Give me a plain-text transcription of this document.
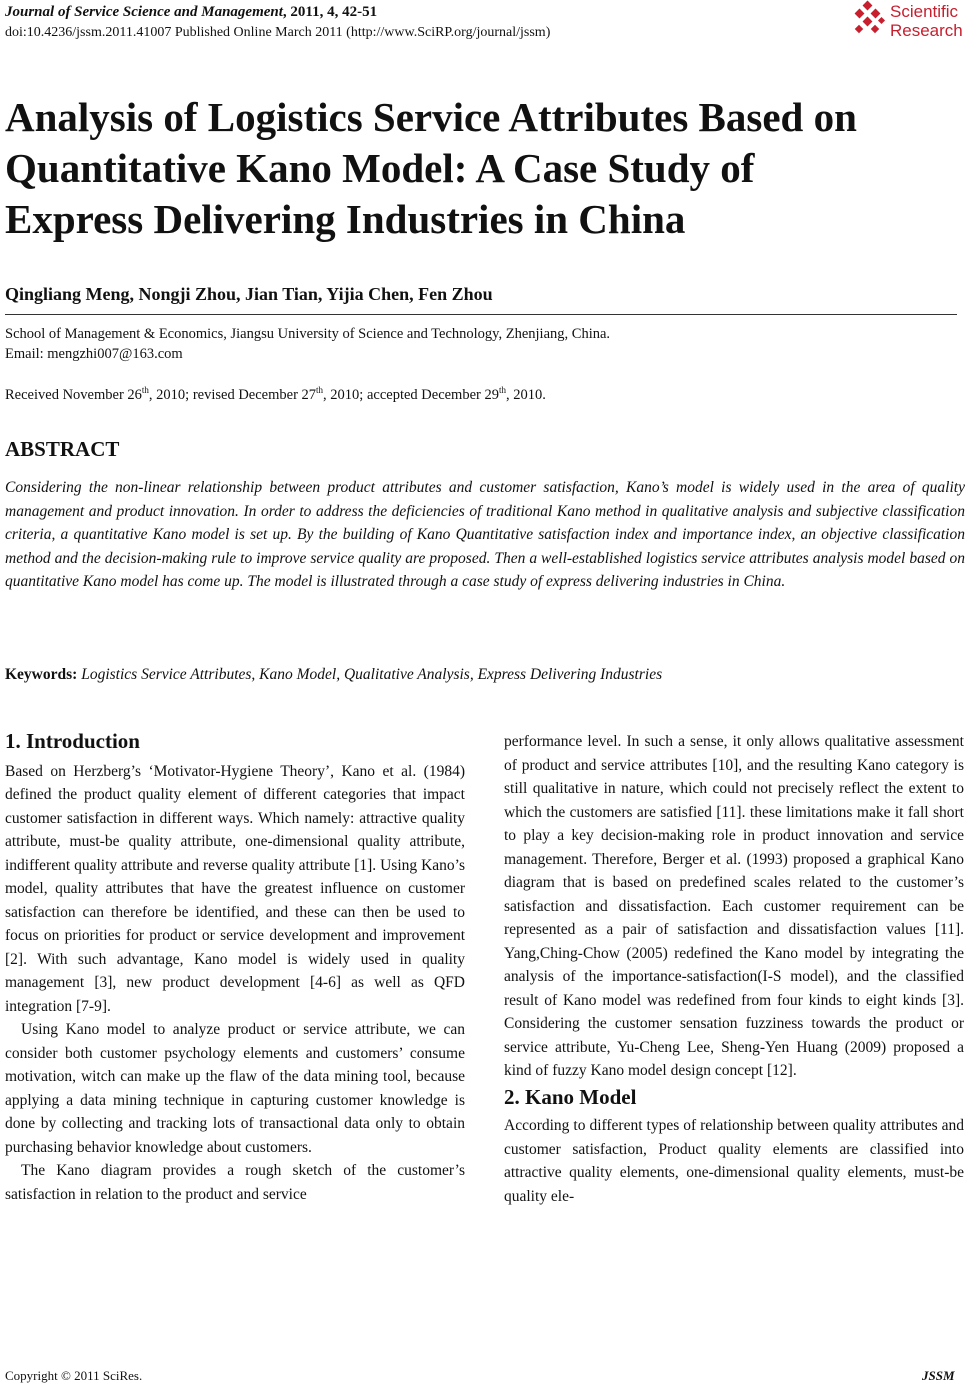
Journal of Service Science and Management, 2011, 4, 42-51
doi:10.4236/jssm.2011.41007 Published Online March 2011 (http://www.SciRP.org/journal/jssm)
Scientific
Research
Analysis of Logistics Service Attributes Based on
Quantitative Kano Model: A Case Study of
Express Delivering Industries in China
Qingliang Meng, Nongji Zhou, Jian Tian, Yijia Chen, Fen Zhou
School of Management & Economics, Jiangsu University of Science and Technology, Zhenjiang, China.
Email: mengzhi007@163.com
Received November 26th, 2010; revised December 27th, 2010; accepted December 29th, 2010.
ABSTRACT
Considering the non-linear relationship between product attributes and customer satisfaction, Kano’s model is widely used in the area of quality management and product innovation. In order to address the deficiencies of traditional Kano method in qualitative analysis and subjective classification criteria, a quantitative Kano model is set up. By the building of Kano Quantitative satisfaction index and importance index, an objective classification method and the decision-making rule to improve service quality are proposed. Then a well-established logistics service attributes analysis model based on quantitative Kano model has come up. The model is illustrated through a case study of express delivering industries in China.
Keywords: Logistics Service Attributes, Kano Model, Qualitative Analysis, Express Delivering Industries
1. Introduction

Based on Herzberg’s ‘Motivator-Hygiene Theory’, Kano et al. (1984) defined the product quality element of different categories that impact customer satisfaction in different ways. Which namely: attractive quality attribute, must-be quality attribute, one-dimensional quality attribute, indifferent quality attribute and reverse quality attribute [1]. Using Kano’s model, quality attributes that have the greatest influence on customer satisfaction can therefore be identified, and these can then be used to focus on priorities for product or service development and improvement [2]. With such advantage, Kano model is widely used in quality management [3], new product development [4-6] as well as QFD integration [7-9].

Using Kano model to analyze product or service attribute, we can consider both customer psychology elements and customers’ consume motivation, witch can make up the flaw of the data mining tool, because applying a data mining technique in capturing customer knowledge is done by collecting and tracking lots of transactional data only to obtain purchasing behavior knowledge about customers.

The Kano diagram provides a rough sketch of the customer’s satisfaction in relation to the product and service

performance level. In such a sense, it only allows qualitative assessment of product and service attributes [10], and the resulting Kano category is still qualitative in nature, which could not precisely reflect the extent to which the customers are satisfied [11]. these limitations make it fall short to play a key decision-making role in product innovation and service management. Therefore, Berger et al. (1993) proposed a graphical Kano diagram that is based on predefined scales related to the customer’s satisfaction and dissatisfaction. Each customer requirement can be represented as a pair of satisfaction and dissatisfaction values [11]. Yang,Ching-Chow (2005) redefined the Kano model by integrating the analysis of the importance-satisfaction(I-S model), and the classified result of Kano model was redefined from four kinds to eight kinds [3]. Considering the customer sensation fuzziness towards the product or service attribute, Yu-Cheng Lee, Sheng-Yen Huang (2009) proposed a kind of fuzzy Kano model design concept [12].

2. Kano Model

According to different types of relationship between quality attributes and customer satisfaction, Product quality elements are classified into attractive quality elements, one-dimensional quality elements, must-be quality ele-

Copyright © 2011 SciRes.	JSSM
